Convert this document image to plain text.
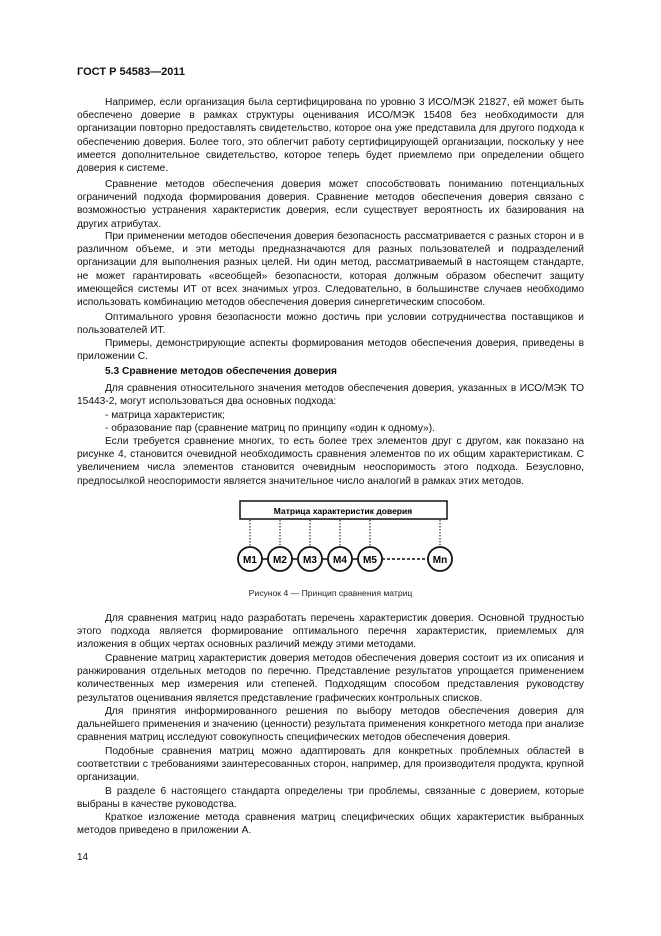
ГОСТ Р 54583—2011

Например, если организация была сертифицирована по уровню 3 ИСО/МЭК 21827, ей может быть обеспечено доверие в рамках структуры оценивания ИСО/МЭК 15408 без необходимости для организации повторно предоставлять свидетельство, которое она уже представила для другого подхода к обеспечению доверия. Более того, это облегчит работу сертифицирующей организации, поскольку у нее имеется дополнительное свидетельство, которое теперь будет приемлемо при определении общего доверия к системе.

Сравнение методов обеспечения доверия может способствовать пониманию потенциальных ограничений подхода формирования доверия. Сравнение методов обеспечения доверия связано с возможностью устранения характеристик доверия, если существует вероятность их базирования на других атрибутах.

При применении методов обеспечения доверия безопасность рассматривается с разных сторон и в различном объеме, и эти методы предназначаются для разных пользователей и подразделений организации для выполнения разных целей. Ни один метод, рассматриваемый в настоящем стандарте, не может гарантировать «всеобщей» безопасности, которая должным образом обеспечит защиту имеющейся системы ИТ от всех значимых угроз. Следовательно, в большинстве случаев необходимо использовать комбинацию методов обеспечения доверия синергетическим способом.

Оптимального уровня безопасности можно достичь при условии сотрудничества поставщиков и пользователей ИТ.

Примеры, демонстрирующие аспекты формирования методов обеспечения доверия, приведены в приложении С.

5.3 Сравнение методов обеспечения доверия

Для сравнения относительного значения методов обеспечения доверия, указанных в ИСО/МЭК ТО 15443-2, могут использоваться два основных подхода:

- матрица характеристик;

- образование пар (сравнение матриц по принципу «один к одному»).

Если требуется сравнение многих, то есть более трех элементов друг с другом, как показано на рисунке 4, становится очевидной необходимость сравнения элементов по их общим характеристикам. С увеличением числа элементов становится очевидным неоспоримость этого подхода. Безусловно, предпосылкой неоспоримости является значительное число аналогий в рамках этих методов.

Матрица характеристик доверия
M1 M2 M3 M4 M5	Mn
Рисунок 4 — Принцип сравнения матриц

Для сравнения матриц надо разработать перечень характеристик доверия. Основной трудностью этого подхода является формирование оптимального перечня характеристик, приемлемых для изложения в общих чертах основных различий между этими методами.

Сравнение матриц характеристик доверия методов обеспечения доверия состоит из их описания и ранжирования отдельных методов по перечню. Представление результатов упрощается применением количественных мер измерения или степеней. Подходящим способом представления руководству результатов оценивания является представление графических контрольных списков.

Для принятия информированного решения по выбору методов обеспечения доверия для дальнейшего применения и значению (ценности) результата применения конкретного метода при анализе сравнения матриц исследуют совокупность специфических методов обеспечения доверия.

Подобные сравнения матриц можно адаптировать для конкретных проблемных областей в соответствии с требованиями заинтересованных сторон, например, для производителя продукта, крупной организации.

В разделе 6 настоящего стандарта определены три проблемы, связанные с доверием, которые выбраны в качестве руководства.

Краткое изложение метода сравнения матриц специфических общих характеристик выбранных методов приведено в приложении А.

14
